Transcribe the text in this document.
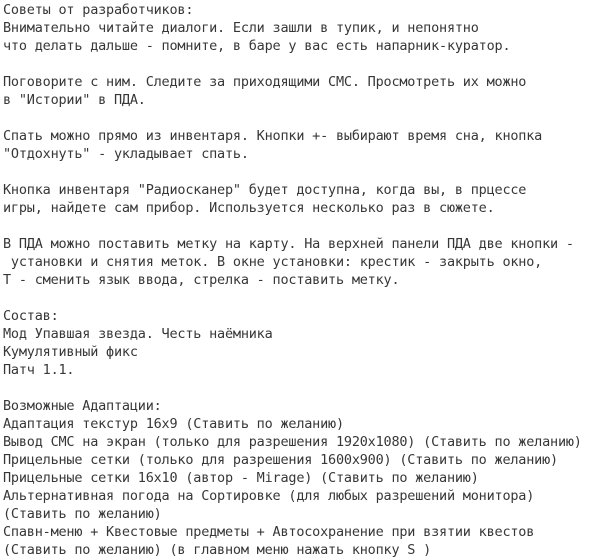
Советы от разработчиков:
Внимательно читайте диалоги. Если зашли в тупик, и непонятно
что делать дальше - помните, в баре у вас есть напарник-куратор.
Поговорите с ним. Следите за приходящими СМС. Просмотреть их можно
в "Истории" в ПДА.
Спать можно прямо из инвентаря. Кнопки +- выбирают время сна, кнопка
"Отдохнуть" - укладывает спать.
Кнопка инвентаря "Радиосканер" будет доступна, когда вы, в прцессе
игры, найдете сам прибор. Используется несколько раз в сюжете.
В ПДА можно поставить метку на карту. На верхней панели ПДА две кнопки -
установки и снятия меток. В окне установки: крестик - закрыть окно,
Т - сменить язык ввода, стрелка - поставить метку.
Состав:
Мод Упавшая звезда. Честь наёмника
Кумулятивный фикс
Патч 1.1.
Возможные Адаптации:
Адаптация текстур 16x9 (Ставить по желанию)
Вывод СМС на экран (только для разрешения 1920x1080) (Ставить по желанию)
Прицельные сетки (только для разрешения 1600x900) (Ставить по желанию)
Прицельные сетки 16x10 (автор - Mirage) (Ставить по желанию)
Альтернативная погода на Сортировке (для любых разрешений монитора)
(Ставить по желанию)
Спавн-меню + Квестовые предметы + Автосохранение при взятии квестов
(Ставить по желанию) (в главном меню нажать кнопку S )
